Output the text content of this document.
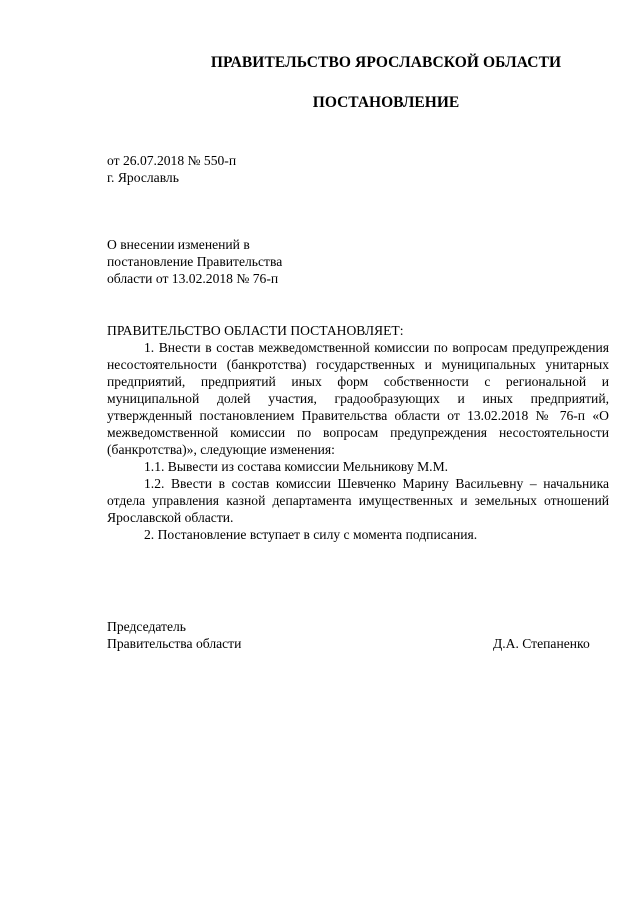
ПРАВИТЕЛЬСТВО ЯРОСЛАВСКОЙ ОБЛАСТИ
ПОСТАНОВЛЕНИЕ
от 26.07.2018 № 550-п
г. Ярославль
О внесении изменений в
постановление Правительства
области от 13.02.2018 № 76-п

ПРАВИТЕЛЬСТВО ОБЛАСТИ ПОСТАНОВЛЯЕТ:

1. Внести в состав межведомственной комиссии по вопросам предупреждения несостоятельности (банкротства) государственных и муниципальных унитарных предприятий, предприятий иных форм собственности с региональной и муниципальной долей участия, градообразующих и иных предприятий, утвержденный постановлением Правительства области от 13.02.2018 № 76-п «О межведомственной комиссии по вопросам предупреждения несостоятельности (банкротства)», следующие изменения:

1.1. Вывести из состава комиссии Мельникову М.М.

1.2. Ввести в состав комиссии Шевченко Марину Васильевну – начальника отдела управления казной департамента имущественных и земельных отношений Ярославской области.

2. Постановление вступает в силу с момента подписания.

Председатель
Правительства области	Д.А. Степаненко
